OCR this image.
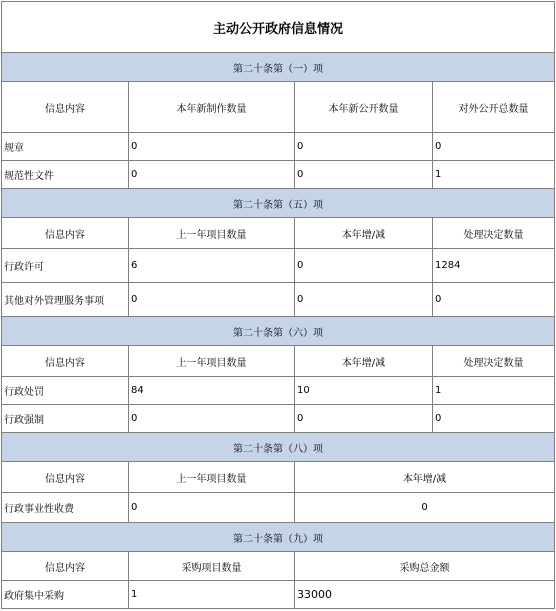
主动公开政府信息情况			
第二十条第（一）项			
信息内容	本年新制作数量	本年新公开数量	对外公开总数量
规章	0	0	0
规范性文件	0	0	1
第二十条第（五）项			
信息内容	上一年项目数量	本年增/减	处理决定数量
行政许可	6	0	1284
其他对外管理服务事项	0	0	0
第二十条第（六）项			
信息内容	上一年项目数量	本年增/减	处理决定数量
行政处罚	84	10	1
行政强制	0	0	0
第二十条第（八）项			
信息内容	上一年项目数量	本年增/减	
行政事业性收费	0	0	
第二十条第（九）项			
信息内容	采购项目数量	采购总金额	
政府集中采购	1	33000	
